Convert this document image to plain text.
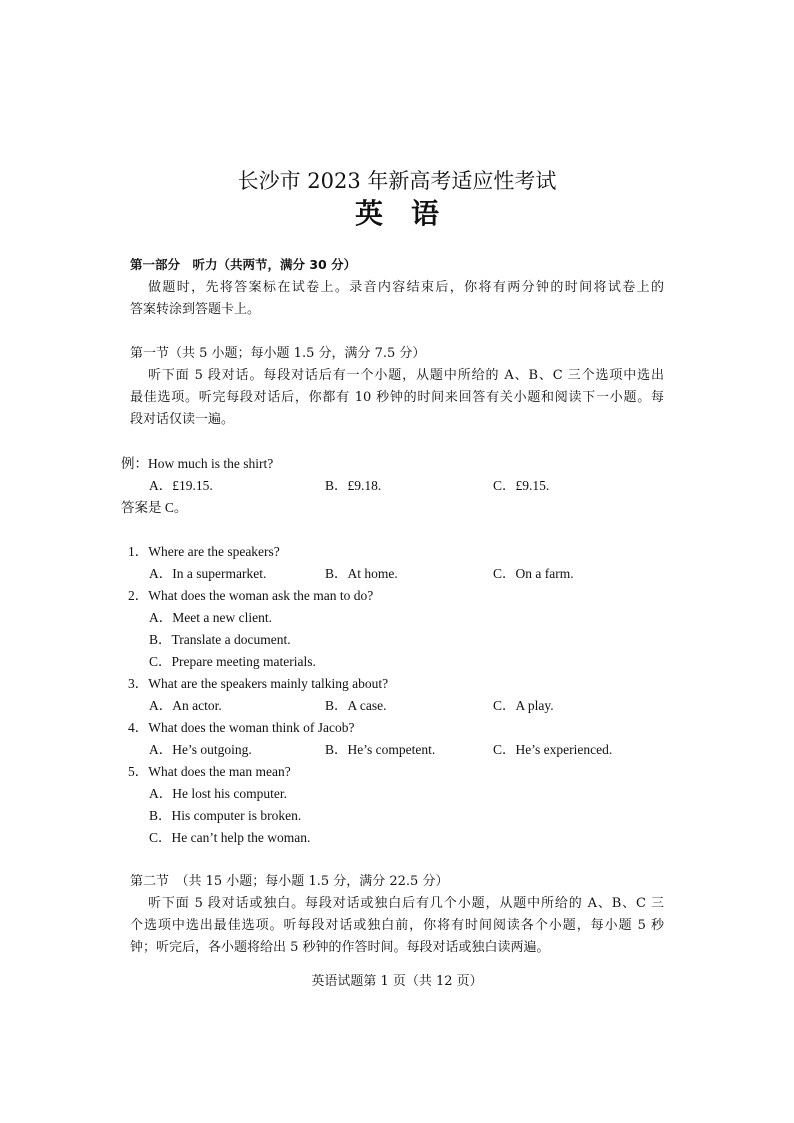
长沙市 2023 年新高考适应性考试
英语
第一部分　听力（共两节，满分 30 分）
做题时，先将答案标在试卷上。录音内容结束后，你将有两分钟的时间将试卷上的
答案转涂到答题卡上。
第一节（共 5 小题；每小题 1.5 分，满分 7.5 分）
听下面 5 段对话。每段对话后有一个小题，从题中所给的 A、B、C 三个选项中选出
最佳选项。听完每段对话后，你都有 10 秒钟的时间来回答有关小题和阅读下一小题。每
段对话仅读一遍。
例：How much is the shirt?
A．£19.15.	B．£9.18.	C．£9.15.
答案是 C。
1．Where are the speakers?
A．In a supermarket.	B．At home.	C．On a farm.
2．What does the woman ask the man to do?
A．Meet a new client.
B．Translate a document.
C．Prepare meeting materials.
3．What are the speakers mainly talking about?
A．An actor.	B．A case.	C．A play.
4．What does the woman think of Jacob?
A．He’s outgoing.	B．He’s competent.	C．He’s experienced.
5．What does the man mean?
A．He lost his computer.
B．His computer is broken.
C．He can’t help the woman.
第二节　（共 15 小题；每小题 1.5 分，满分 22.5 分）
听下面 5 段对话或独白。每段对话或独白后有几个小题，从题中所给的 A、B、C 三
个选项中选出最佳选项。听每段对话或独白前，你将有时间阅读各个小题，每小题 5 秒
钟；听完后，各小题将给出 5 秒钟的作答时间。每段对话或独白读两遍。
英语试题第 1 页（共 12 页）
